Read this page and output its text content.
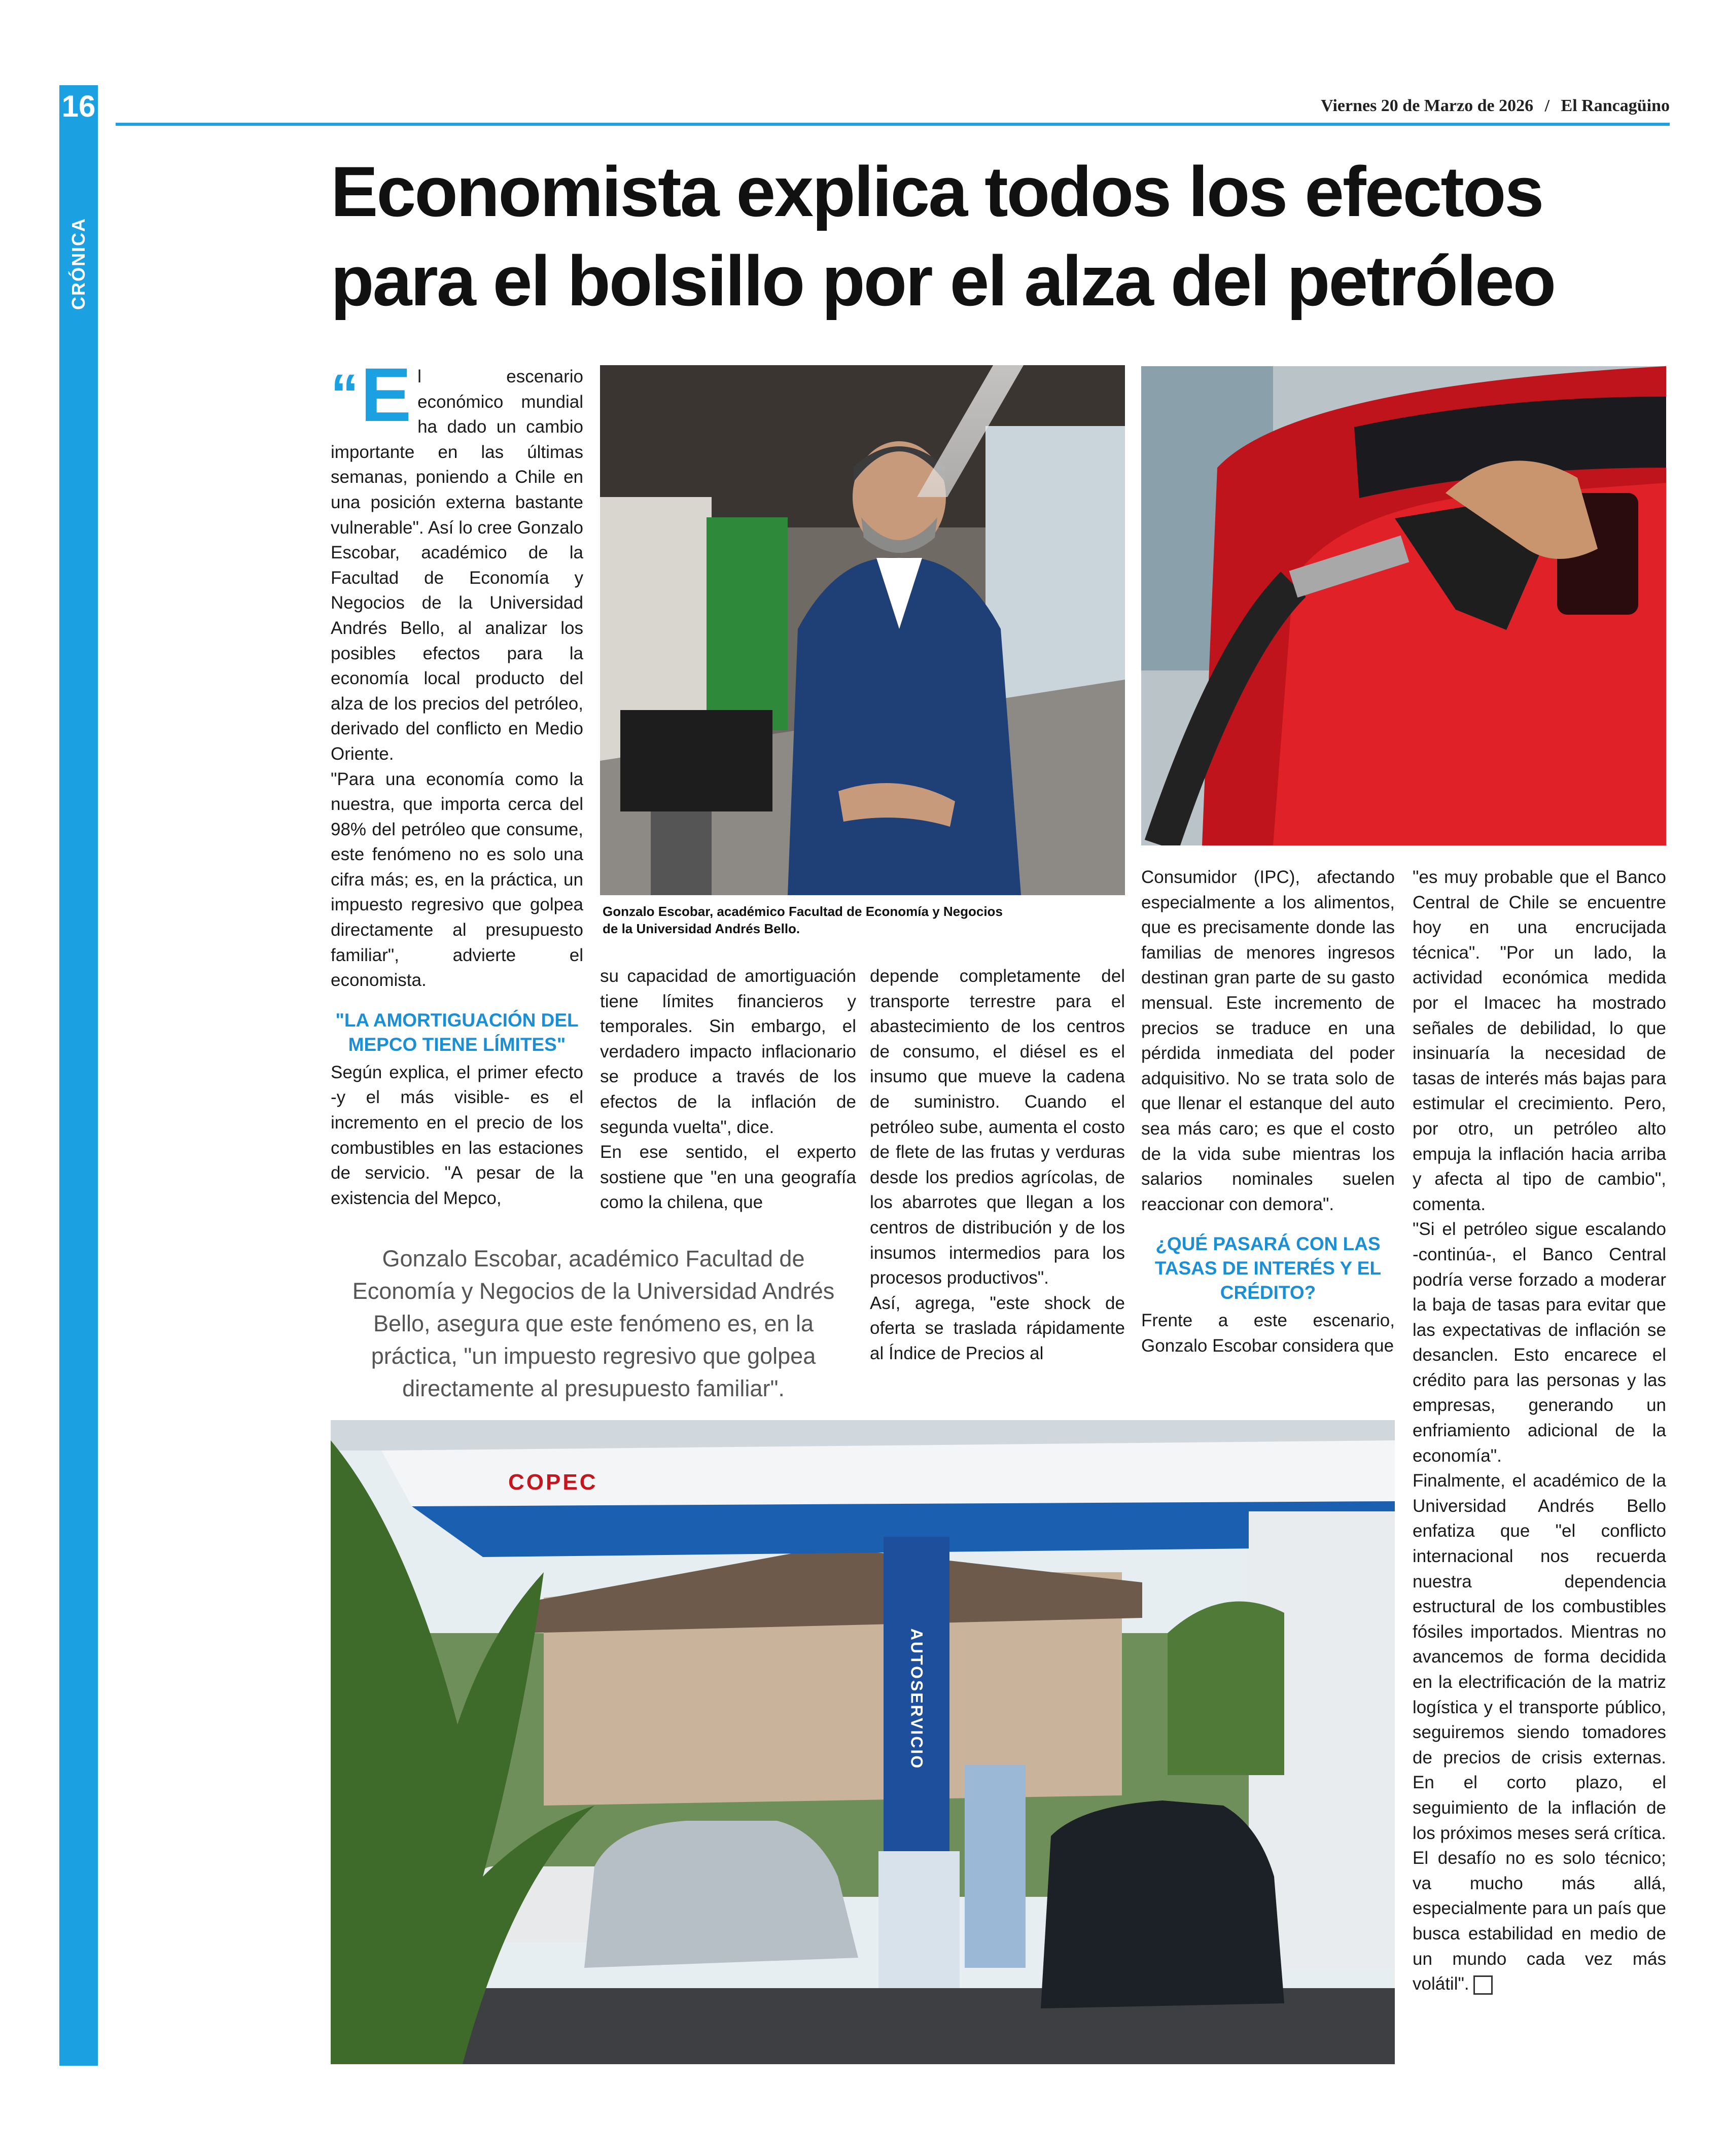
16
CRÓNICA
Viernes 20 de Marzo de 2026 / El Rancagüino
Economista explica todos los efectos
para el bolsillo por el alza del petróleo
“E l escenario económico mundial ha dado un cambio importante en las últimas semanas, poniendo a Chile en una posición externa bastante vulnerable". Así lo cree Gonzalo Escobar, académico de la Facultad de Economía y Negocios de la Universidad Andrés Bello, al analizar los posibles efectos para la economía local producto del alza de los precios del petróleo, derivado del conflicto en Medio Oriente.

"Para una economía como la nuestra, que importa cerca del 98% del petróleo que consume, este fenómeno no es solo una cifra más; es, en la práctica, un impuesto regresivo que golpea directamente al presupuesto familiar", advierte el economista.

"LA AMORTIGUACIÓN DEL MEPCO TIENE LÍMITES"

Según explica, el primer efecto -y el más visible- es el incremento en el precio de los combustibles en las estaciones de servicio. "A pesar de la existencia del Mepco,

Gonzalo Escobar, académico Facultad de Economía y Negocios de la Universidad Andrés Bello.

su capacidad de amortiguación tiene límites financieros y temporales. Sin embargo, el verdadero impacto inflacionario se produce a través de los efectos de la inflación de segunda vuelta", dice.

En ese sentido, el experto sostiene que "en una geografía como la chilena, que

depende completamente del transporte terrestre para el abastecimiento de los centros de consumo, el diésel es el insumo que mueve la cadena de suministro. Cuando el petróleo sube, aumenta el costo de flete de las frutas y verduras desde los predios agrícolas, de los abarrotes que llegan a los centros de distribución y de los insumos intermedios para los procesos productivos".

Así, agrega, "este shock de oferta se traslada rápidamente al Índice de Precios al

Consumidor (IPC), afectando especialmente a los alimentos, que es precisamente donde las familias de menores ingresos destinan gran parte de su gasto mensual. Este incremento de precios se traduce en una pérdida inmediata del poder adquisitivo. No se trata solo de que llenar el estanque del auto sea más caro; es que el costo de la vida sube mientras los salarios nominales suelen reaccionar con demora".

¿QUÉ PASARÁ CON LAS TASAS DE INTERÉS Y EL CRÉDITO?

Frente a este escenario, Gonzalo Escobar considera que

"es muy probable que el Banco Central de Chile se encuentre hoy en una encrucijada técnica". "Por un lado, la actividad económica medida por el Imacec ha mostrado señales de debilidad, lo que insinuaría la necesidad de tasas de interés más bajas para estimular el crecimiento. Pero, por otro, un petróleo alto empuja la inflación hacia arriba y afecta al tipo de cambio", comenta.

"Si el petróleo sigue escalando -continúa-, el Banco Central podría verse forzado a moderar la baja de tasas para evitar que las expectativas de inflación se desanclen. Esto encarece el crédito para las personas y las empresas, generando un enfriamiento adicional de la economía".

Finalmente, el académico de la Universidad Andrés Bello enfatiza que "el conflicto internacional nos recuerda nuestra dependencia estructural de los combustibles fósiles importados. Mientras no avancemos de forma decidida en la electrificación de la matriz logística y el transporte público, seguiremos siendo tomadores de precios de crisis externas. En el corto plazo, el seguimiento de la inflación de los próximos meses será crítica. El desafío no es solo técnico; va mucho más allá, especialmente para un país que busca estabilidad en medio de un mundo cada vez más volátil".

Gonzalo Escobar, académico Facultad de Economía y Negocios de la Universidad Andrés Bello, asegura que este fenómeno es, en la práctica, "un impuesto regresivo que golpea directamente al presupuesto familiar".
COPEC
AUTOSERVICIO
